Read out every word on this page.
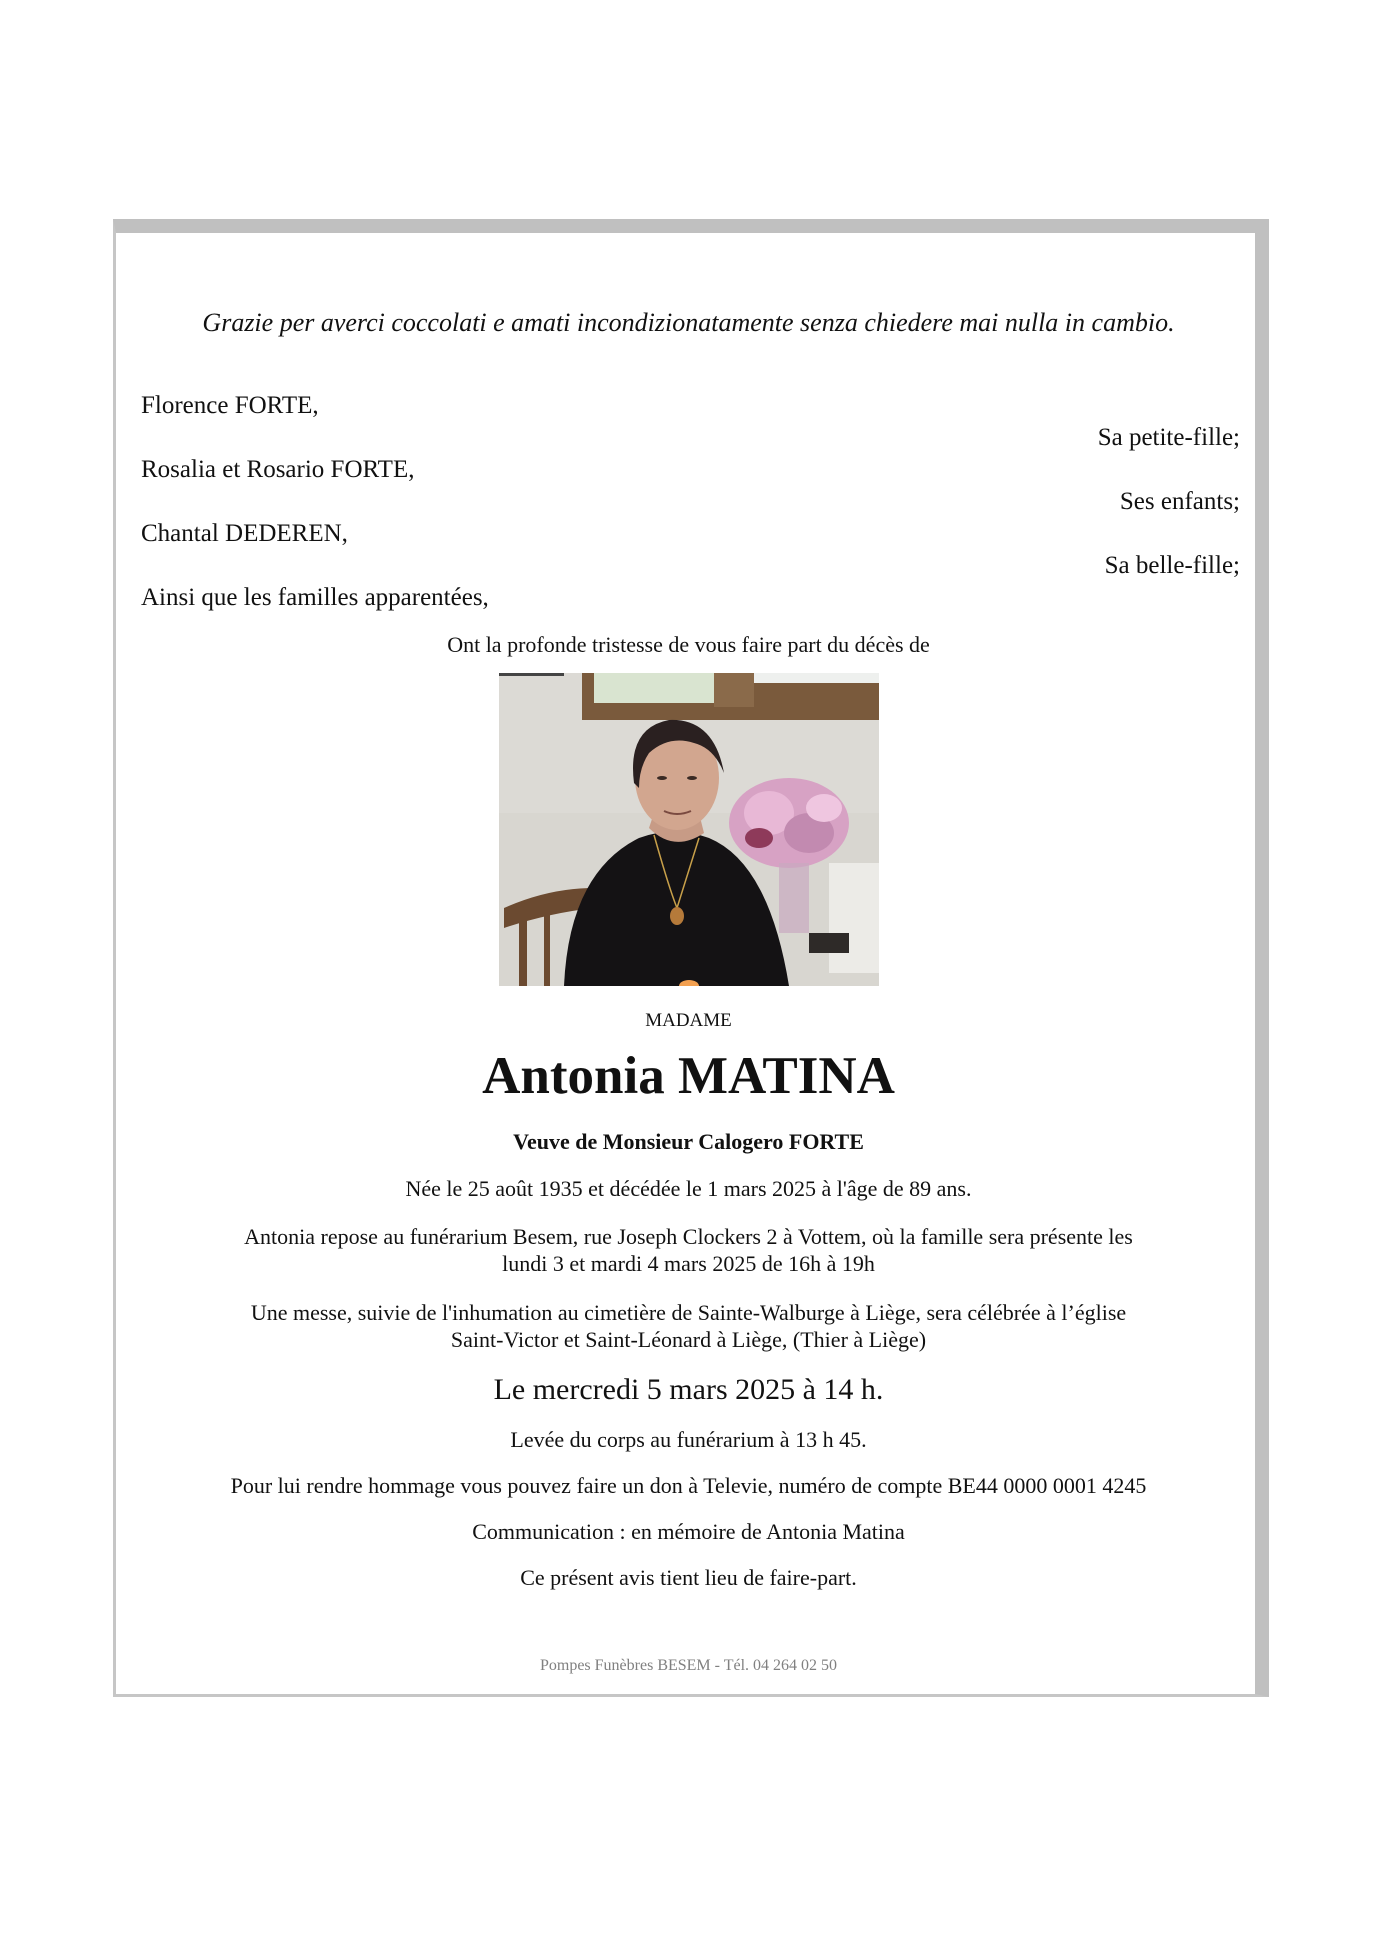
Grazie per averci coccolati e amati incondizionatamente senza chiedere mai nulla in cambio.
Florence FORTE,
Sa petite-fille;
Rosalia et Rosario FORTE,
Ses enfants;
Chantal DEDEREN,
Sa belle-fille;
Ainsi que les familles apparentées,
Ont la profonde tristesse de vous faire part du décès de
MADAME
Antonia MATINA
Veuve de Monsieur Calogero FORTE
Née le 25 août 1935 et décédée le 1 mars 2025 à l'âge de 89 ans.
Antonia repose au funérarium Besem, rue Joseph Clockers 2 à Vottem, où la famille sera présente les
lundi 3 et mardi 4 mars 2025 de 16h à 19h
Une messe, suivie de l'inhumation au cimetière de Sainte-Walburge à Liège, sera célébrée à l’église
Saint-Victor et Saint-Léonard à Liège, (Thier à Liège)
Le mercredi 5 mars 2025 à 14 h.
Levée du corps au funérarium à 13 h 45.
Pour lui rendre hommage vous pouvez faire un don à Televie, numéro de compte BE44 0000 0001 4245
Communication : en mémoire de Antonia Matina
Ce présent avis tient lieu de faire-part.
Pompes Funèbres BESEM - Tél. 04 264 02 50
